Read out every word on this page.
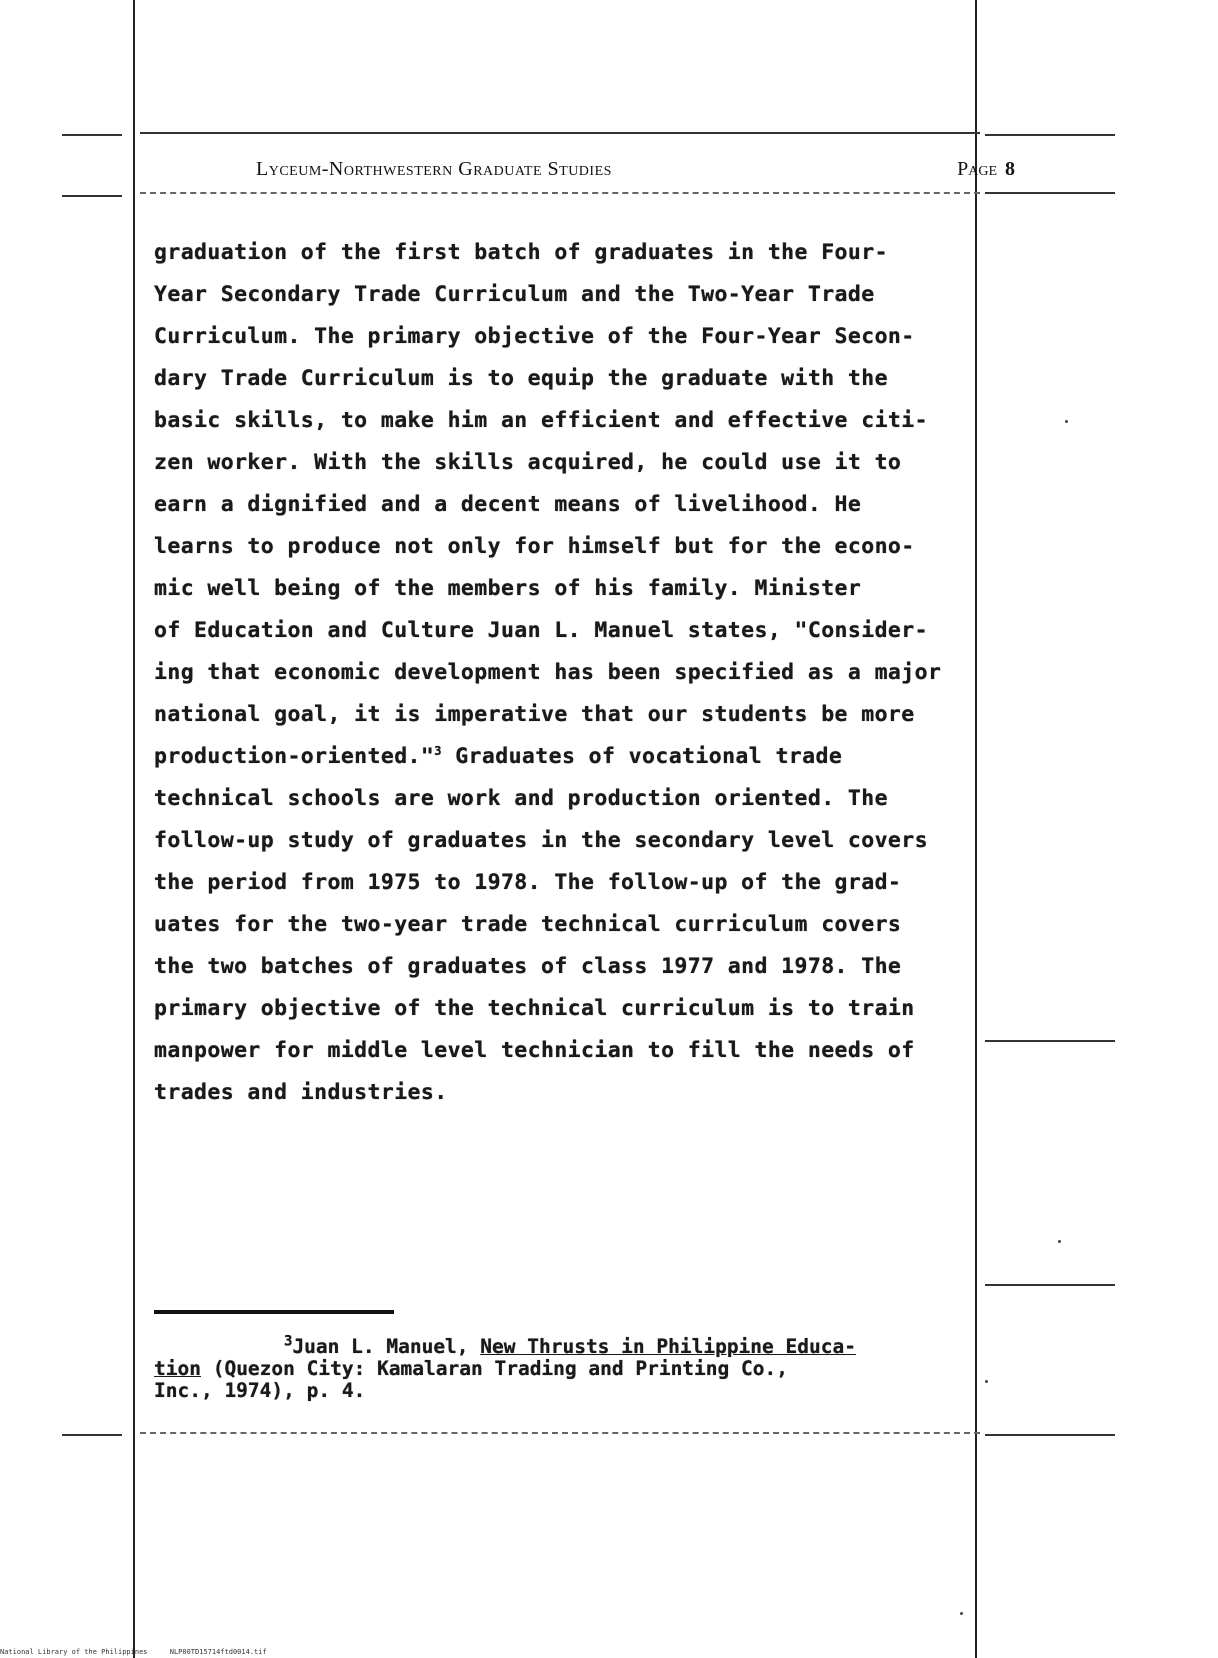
Lyceum-Northwestern Graduate Studies	Page 8
graduation of the first batch of graduates in the Four-
Year Secondary Trade Curriculum and the Two-Year Trade
Curriculum. The primary objective of the Four-Year Secon-
dary Trade Curriculum is to equip the graduate with the
basic skills, to make him an efficient and effective citi-
zen worker. With the skills acquired, he could use it to
earn a dignified and a decent means of livelihood. He
learns to produce not only for himself but for the econo-
mic well being of the members of his family. Minister
of Education and Culture Juan L. Manuel states, "Consider-
ing that economic development has been specified as a major
national goal, it is imperative that our students be more
production-oriented."$^3$ Graduates of vocational trade
technical schools are work and production oriented. The
follow-up study of graduates in the secondary level covers
the period from 1975 to 1978. The follow-up of the grad-
uates for the two-year trade technical curriculum covers
the two batches of graduates of class 1977 and 1978. The
primary objective of the technical curriculum is to train
manpower for middle level technician to fill the needs of
trades and industries.
$^3$Juan L. Manuel, New Thrusts in Philippine Educa-
tion (Quezon City: Kamalaran Trading and Printing Co.,
Inc., 1974), p. 4.
National Library of the Philippines	NLP00TD15714ftd0014.tif
